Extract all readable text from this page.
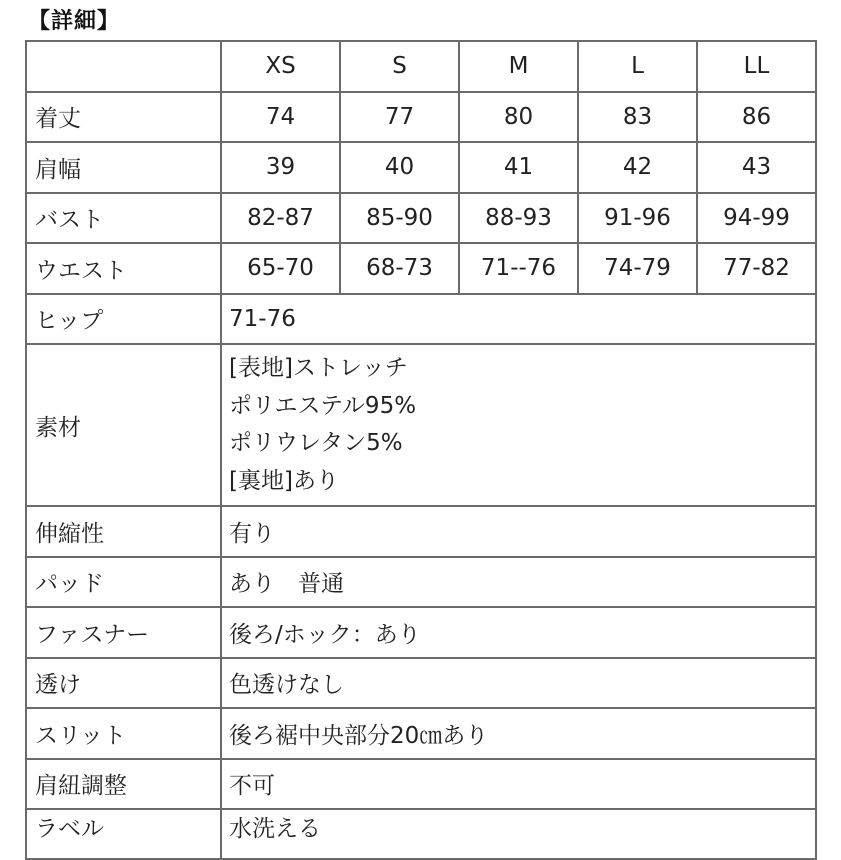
【詳細】
	XS	S	M	L	LL
着丈	74	77	80	83	86
肩幅	39	40	41	42	43
バスト	82-87	85-90	88-93	91-96	94-99
ウエスト	65-70	68-73	71--76	74-79	77-82
ヒップ	71-76				
素材	[表地]ストレッチ
ポリエステル95%
ポリウレタン5%
[裏地]あり				

伸縮性	有り				
パッド	あり　普通				
ファスナー	後ろ/ホック：あり				
透け	色透けなし				
スリット	後ろ裾中央部分20㎝あり				
肩紐調整	不可				
ラベル	水洗える				
